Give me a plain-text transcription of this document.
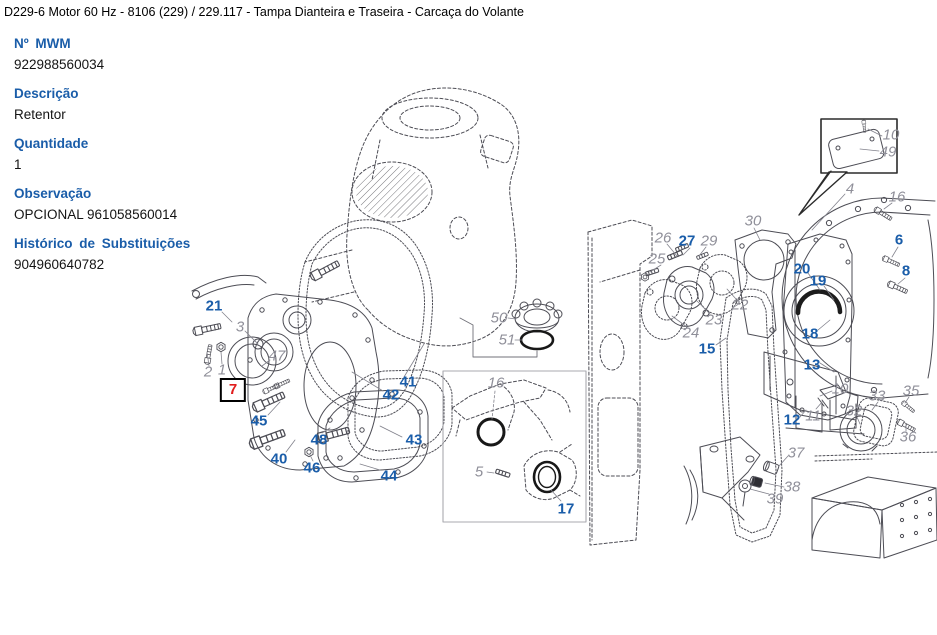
D229-6 Motor 60 Hz - 8106 (229) / 229.117 - Tampa Dianteira e Traseira - Carcaça do Volante
Nº MWM
922988560034
Descrição
Retentor
Quantidade
1
Observação
OPCIONAL 961058560014
Histórico de Substituições
904960640782
7
21
45
40
48
46	44
43
42
41
17
15
27
20
19
18
13
12
6
8
1
2
3
47
50
51
16
5
25
26 29
30
22
23
24
4
10
49
16
10
11 32
33 35
36
37
38
39
